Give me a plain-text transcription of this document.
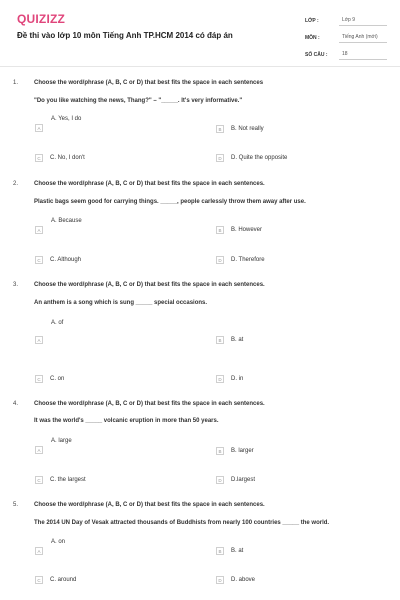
QUIZIZZ
Đề thi vào lớp 10 môn Tiếng Anh TP.HCM 2014 có đáp án
LỚP :	Lớp 9
MÔN :	Tiếng Anh (mới)
SỐ CÂU :	18
1.	Choose the word/phrase (A, B, C or D) that best fits the space in each sentences
"Do you like watching the news, Thang?" – "_____. It's very informative."
A
A. Yes, I do
B	B. Not really
C	C. No, I don't	D	D. Quite the opposite
2.	Choose the word/phrase (A, B, C or D) that best fits the space in each sentences.
Plastic bags seem good for carrying things. _____, people carlessly throw them away after use.
A
A. Because
B	B. However
C	C. Although	D	D. Therefore
3.	Choose the word/phrase (A, B, C or D) that best fits the space in each sentences.
An anthem is a song which is sung _____ special occasions.
A
A. of
B	B. at
C	C. on	D	D. in
4.	Choose the word/phrase (A, B, C or D) that best fits the space in each sentences.
It was the world's _____ volcanic eruption in more than 50 years.
A
A. large
B	B. larger
C	C. the largest	D	D.largest
5.	Choose the word/phrase (A, B, C or D) that best fits the space in each sentences.
The 2014 UN Day of Vesak attracted thousands of Buddhists from nearly 100 countries _____ the world.
A
A. on
B	B. at
C	C. around	D	D. above
